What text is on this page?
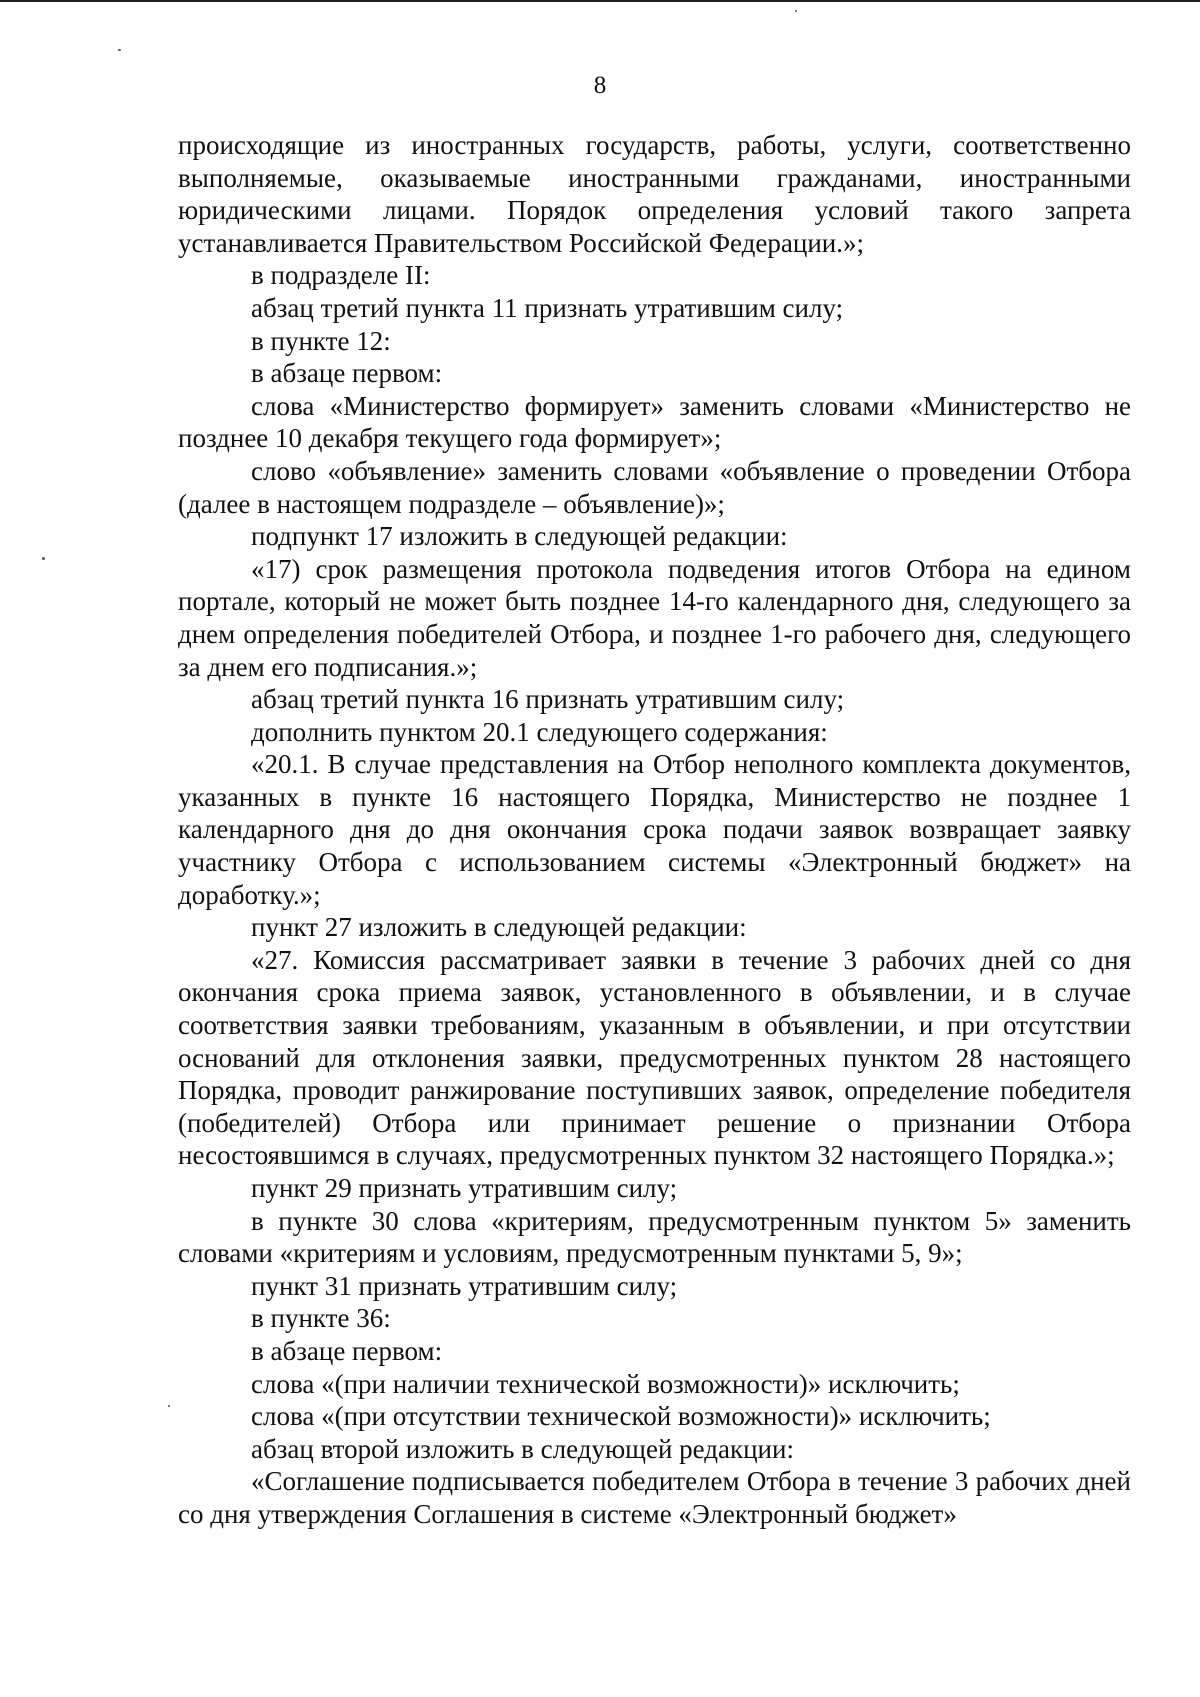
8

происходящие из иностранных государств, работы, услуги, соответственно выполняемые, оказываемые иностранными гражданами, иностранными юридическими лицами. Порядок определения условий такого запрета устанавливается Правительством Российской Федерации.»;

в подразделе II:

абзац третий пункта 11 признать утратившим силу;

в пункте 12:

в абзаце первом:

слова «Министерство формирует» заменить словами «Министерство не позднее 10 декабря текущего года формирует»;

слово «объявление» заменить словами «объявление о проведении Отбора (далее в настоящем подразделе – объявление)»;

подпункт 17 изложить в следующей редакции:

«17) срок размещения протокола подведения итогов Отбора на едином портале, который не может быть позднее 14-го календарного дня, следующего за днем определения победителей Отбора, и позднее 1-го рабочего дня, следующего за днем его подписания.»;

абзац третий пункта 16 признать утратившим силу;

дополнить пунктом 20.1 следующего содержания:

«20.1. В случае представления на Отбор неполного комплекта документов, указанных в пункте 16 настоящего Порядка, Министерство не позднее 1 календарного дня до дня окончания срока подачи заявок возвращает заявку участнику Отбора с использованием системы «Электронный бюджет» на доработку.»;

пункт 27 изложить в следующей редакции:

«27. Комиссия рассматривает заявки в течение 3 рабочих дней со дня окончания срока приема заявок, установленного в объявлении, и в случае соответствия заявки требованиям, указанным в объявлении, и при отсутствии оснований для отклонения заявки, предусмотренных пунктом 28 настоящего Порядка, проводит ранжирование поступивших заявок, определение победителя (победителей) Отбора или принимает решение о признании Отбора несостоявшимся в случаях, предусмотренных пунктом 32 настоящего Порядка.»;

пункт 29 признать утратившим силу;

в пункте 30 слова «критериям, предусмотренным пунктом 5» заменить словами «критериям и условиям, предусмотренным пунктами 5, 9»;

пункт 31 признать утратившим силу;

в пункте 36:

в абзаце первом:

слова «(при наличии технической возможности)» исключить;

слова «(при отсутствии технической возможности)» исключить;

абзац второй изложить в следующей редакции:

«Соглашение подписывается победителем Отбора в течение 3 рабочих дней со дня утверждения Соглашения в системе «Электронный бюджет»
